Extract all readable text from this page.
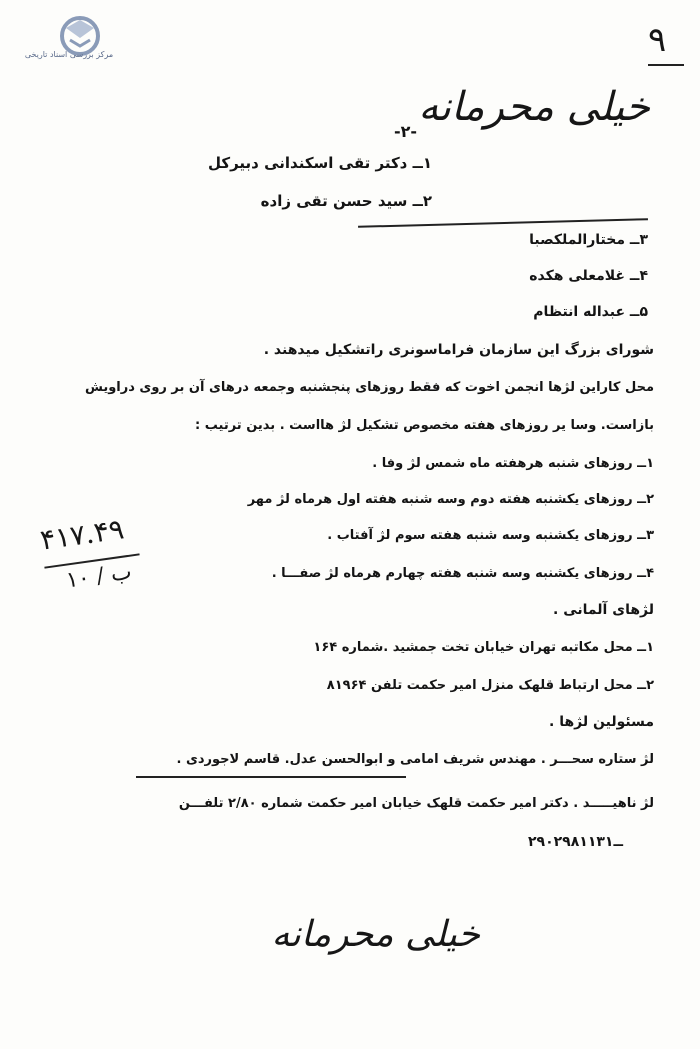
مرکز بررسی اسناد تاریخی	۹
خیلی محرمانه
-۲-
۱ــ دکتر تقی اسکندانی دبیرکل
۲ــ سید حسن تقی زاده
۳ــ مختارالملکصبا
۴ــ غلامعلی هکده
۵ــ عبداله انتظام
شورای بزرگ این سازمان فراماسونری راتشکیل میدهند .
محل کاراین لژها انجمن اخوت که فقط روزهای پنجشنبه وجمعه درهای آن بر روی دراویش
بازاست. وسا یر روزهای هفته مخصوص تشکیل لژ هااست . بدین ترتیب :
۱ــ روزهای شنبه هرهفته ماه شمس لژ وفا .
۲ــ روزهای یکشنبه هفته دوم وسه شنبه هفته اول هرماه لژ مهر
۳ــ روزهای یکشنبه وسه شنبه هفته سوم لژ آفتاب .
۴ــ روزهای یکشنبه وسه شنبه هفته چهارم هرماه لژ صفـــا .
۴۱۷.۴۹
۱۰ / ب
لژهای آلمانی .
۱ــ محل مکاتبه تهران خیابان تخت جمشید .شماره ۱۶۴
۲ــ محل ارتباط قلهک منزل امیر حکمت تلفن ۸۱۹۶۴
مسئولین لژها .
لژ ستاره سحـــر . مهندس شریف امامی و ابوالحسن عدل. قاسم لاجوردی .
لژ ناهیـــــد . دکتر امیر حکمت قلهک خیابان امیر حکمت شماره ۲/۸۰ تلفـــن
۲۹۰۲۹ــ۸۱۱۳۱
خیلی محرمانه
